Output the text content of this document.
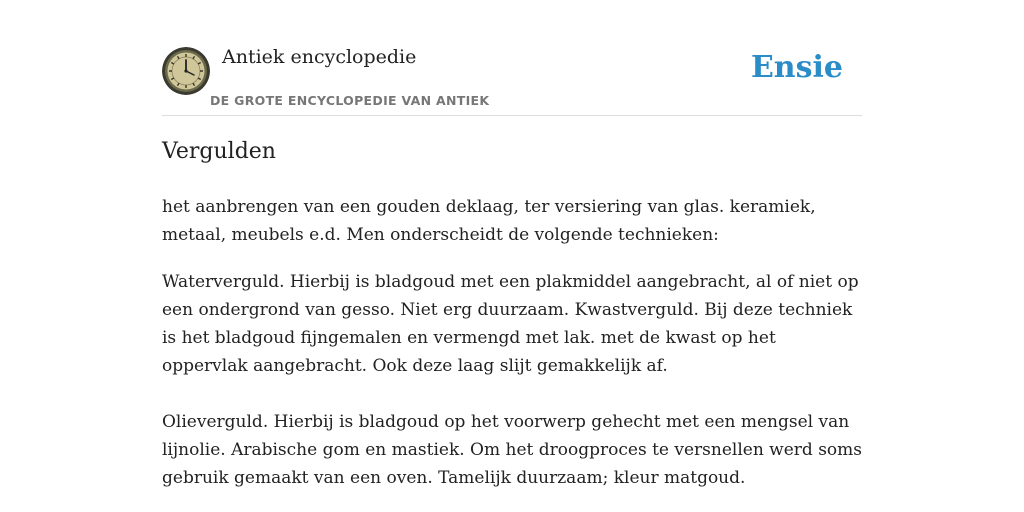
Antiek encyclopedie
DE GROTE ENCYCLOPEDIE VAN ANTIEK
Ensie
Vergulden

het aanbrengen van een gouden deklaag, ter versiering van glas. keramiek, metaal, meubels e.d. Men onderscheidt de volgende technieken:

Waterverguld. Hierbij is bladgoud met een plakmiddel aangebracht, al of niet op een ondergrond van gesso. Niet erg duurzaam. Kwastverguld. Bij deze techniek is het bladgoud fijngemalen en vermengd met lak. met de kwast op het oppervlak aangebracht. Ook deze laag slijt gemakkelijk af.

Olieverguld. Hierbij is bladgoud op het voorwerp gehecht met een mengsel van lijnolie. Arabische gom en mastiek. Om het droogproces te versnellen werd soms gebruik gemaakt van een oven. Tamelijk duurzaam; kleur matgoud.
